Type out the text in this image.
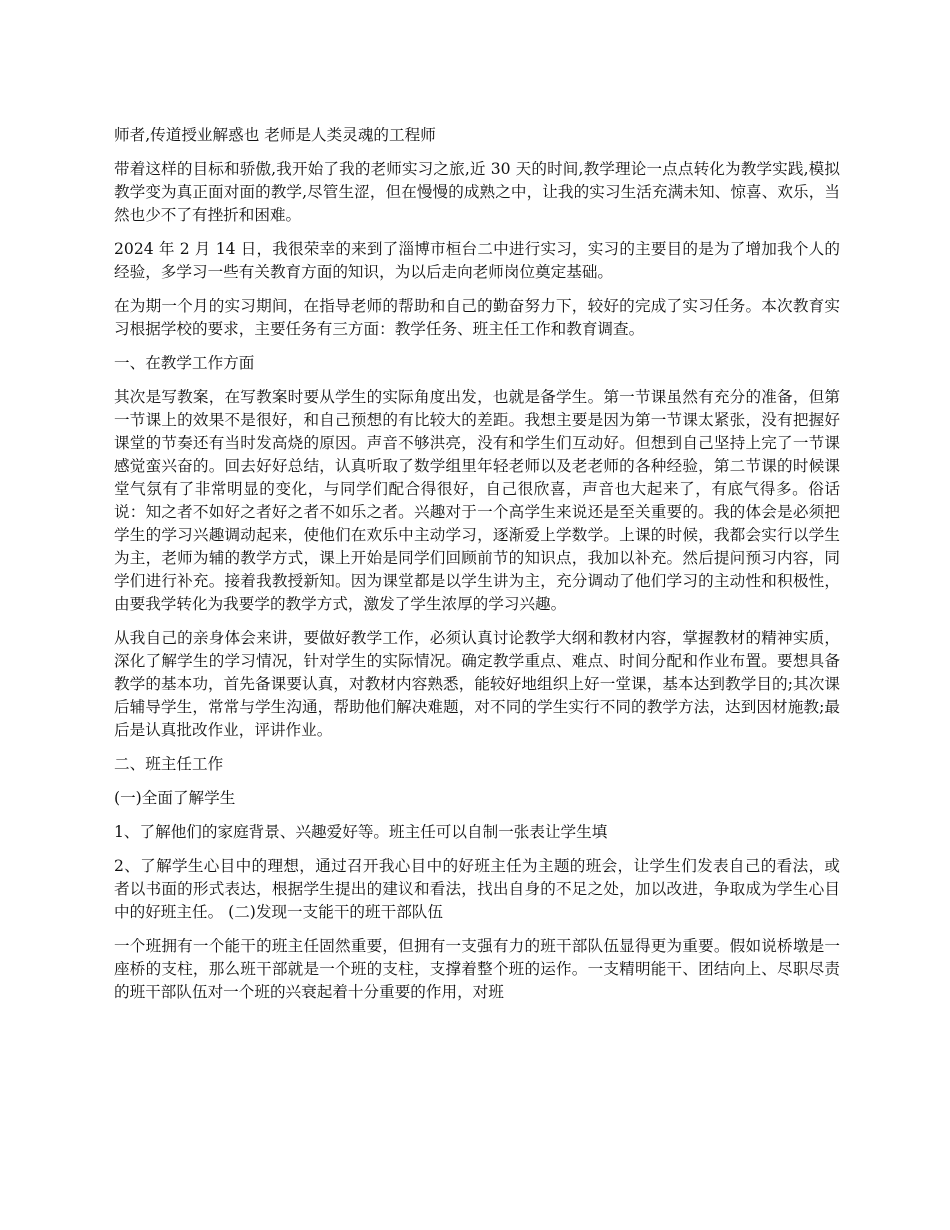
师者,传道授业解惑也 老师是人类灵魂的工程师

带着这样的目标和骄傲,我开始了我的老师实习之旅,近 30 天的时间,教学理论一点点转化为教学实践,模拟教学变为真正面对面的教学,尽管生涩，但在慢慢的成熟之中，让我的实习生活充满未知、惊喜、欢乐，当然也少不了有挫折和困难。

2024 年 2 月 14 日，我很荣幸的来到了淄博市桓台二中进行实习，实习的主要目的是为了增加我个人的经验，多学习一些有关教育方面的知识，为以后走向老师岗位奠定基础。

在为期一个月的实习期间，在指导老师的帮助和自己的勤奋努力下，较好的完成了实习任务。本次教育实习根据学校的要求，主要任务有三方面：教学任务、班主任工作和教育调查。

一、在教学工作方面

其次是写教案，在写教案时要从学生的实际角度出发，也就是备学生。第一节课虽然有充分的准备，但第一节课上的效果不是很好，和自己预想的有比较大的差距。我想主要是因为第一节课太紧张，没有把握好课堂的节奏还有当时发高烧的原因。声音不够洪亮，没有和学生们互动好。但想到自己坚持上完了一节课感觉蛮兴奋的。回去好好总结，认真听取了数学组里年轻老师以及老老师的各种经验，第二节课的时候课堂气氛有了非常明显的变化，与同学们配合得很好，自己很欣喜，声音也大起来了，有底气得多。俗话说：知之者不如好之者好之者不如乐之者。兴趣对于一个高学生来说还是至关重要的。我的体会是必须把学生的学习兴趣调动起来，使他们在欢乐中主动学习，逐渐爱上学数学。上课的时候，我都会实行以学生为主，老师为辅的教学方式，课上开始是同学们回顾前节的知识点，我加以补充。然后提问预习内容，同学们进行补充。接着我教授新知。因为课堂都是以学生讲为主，充分调动了他们学习的主动性和积极性，由要我学转化为我要学的教学方式，激发了学生浓厚的学习兴趣。

从我自己的亲身体会来讲，要做好教学工作，必须认真讨论教学大纲和教材内容，掌握教材的精神实质，深化了解学生的学习情况，针对学生的实际情况。确定教学重点、难点、时间分配和作业布置。要想具备教学的基本功，首先备课要认真，对教材内容熟悉，能较好地组织上好一堂课，基本达到教学目的;其次课后辅导学生，常常与学生沟通，帮助他们解决难题，对不同的学生实行不同的教学方法，达到因材施教;最后是认真批改作业，评讲作业。

二、班主任工作

(一)全面了解学生

1、了解他们的家庭背景、兴趣爱好等。班主任可以自制一张表让学生填

2、了解学生心目中的理想，通过召开我心目中的好班主任为主题的班会，让学生们发表自己的看法，或者以书面的形式表达，根据学生提出的建议和看法，找出自身的不足之处，加以改进，争取成为学生心目中的好班主任。 (二)发现一支能干的班干部队伍

一个班拥有一个能干的班主任固然重要，但拥有一支强有力的班干部队伍显得更为重要。假如说桥墩是一座桥的支柱，那么班干部就是一个班的支柱，支撑着整个班的运作。一支精明能干、团结向上、尽职尽责的班干部队伍对一个班的兴衰起着十分重要的作用，对班
